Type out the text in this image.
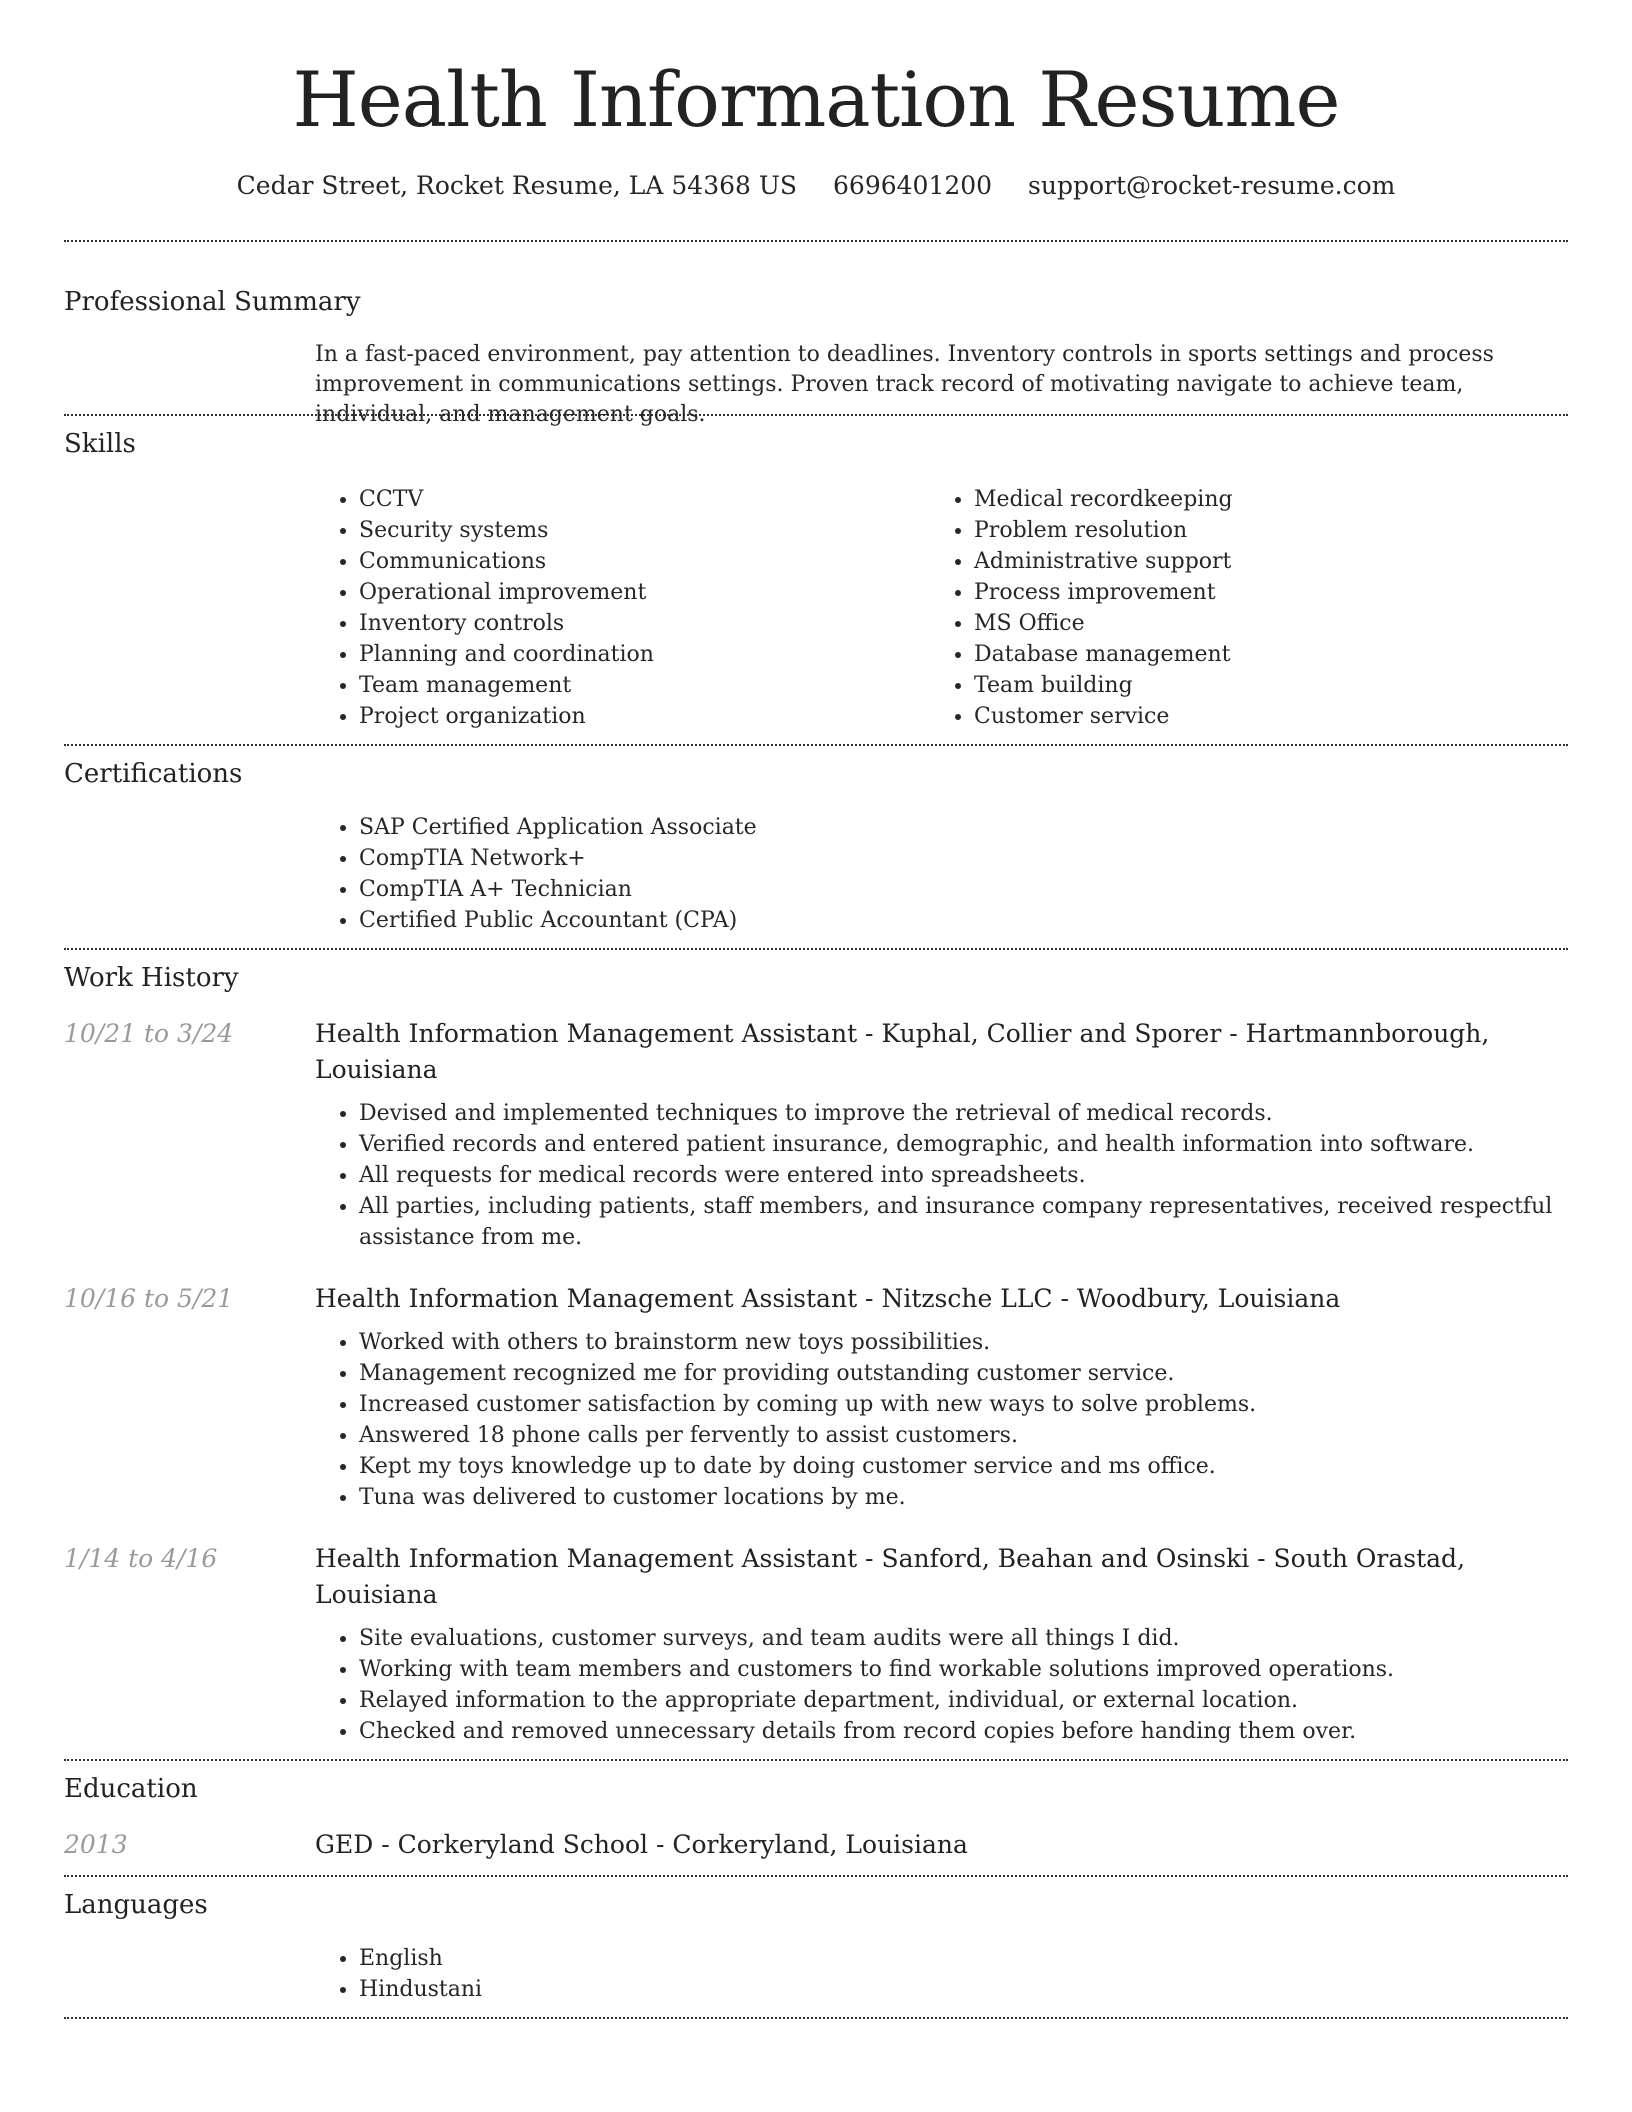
Health Information Resume
Cedar Street, Rocket Resume, LA 54368 US 6696401200 support@rocket-resume.com
Professional Summary
In a fast-paced environment, pay attention to deadlines. Inventory controls in sports settings and process improvement in communications settings. Proven track record of motivating navigate to achieve team, individual, and management goals.
Skills
• CCTV
• Security systems
• Communications
• Operational improvement
• Inventory controls
• Planning and coordination
• Team management
• Project organization
• Medical recordkeeping
• Problem resolution
• Administrative support
• Process improvement
• MS Office
• Database management
• Team building
• Customer service
Certifications
• SAP Certified Application Associate
• CompTIA Network+
• CompTIA A+ Technician
• Certified Public Accountant (CPA)
Work History
10/21 to 3/24	Health Information Management Assistant - Kuphal, Collier and Sporer - Hartmannborough, Louisiana
• Devised and implemented techniques to improve the retrieval of medical records.
• Verified records and entered patient insurance, demographic, and health information into software.
• All requests for medical records were entered into spreadsheets.
• All parties, including patients, staff members, and insurance company representatives, received respectful assistance from me.
10/16 to 5/21	Health Information Management Assistant - Nitzsche LLC - Woodbury, Louisiana
• Worked with others to brainstorm new toys possibilities.
• Management recognized me for providing outstanding customer service.
• Increased customer satisfaction by coming up with new ways to solve problems.
• Answered 18 phone calls per fervently to assist customers.
• Kept my toys knowledge up to date by doing customer service and ms office.
• Tuna was delivered to customer locations by me.
1/14 to 4/16	Health Information Management Assistant - Sanford, Beahan and Osinski - South Orastad, Louisiana
• Site evaluations, customer surveys, and team audits were all things I did.
• Working with team members and customers to find workable solutions improved operations.
• Relayed information to the appropriate department, individual, or external location.
• Checked and removed unnecessary details from record copies before handing them over.
Education
2013	GED - Corkeryland School - Corkeryland, Louisiana
Languages
• English
• Hindustani
